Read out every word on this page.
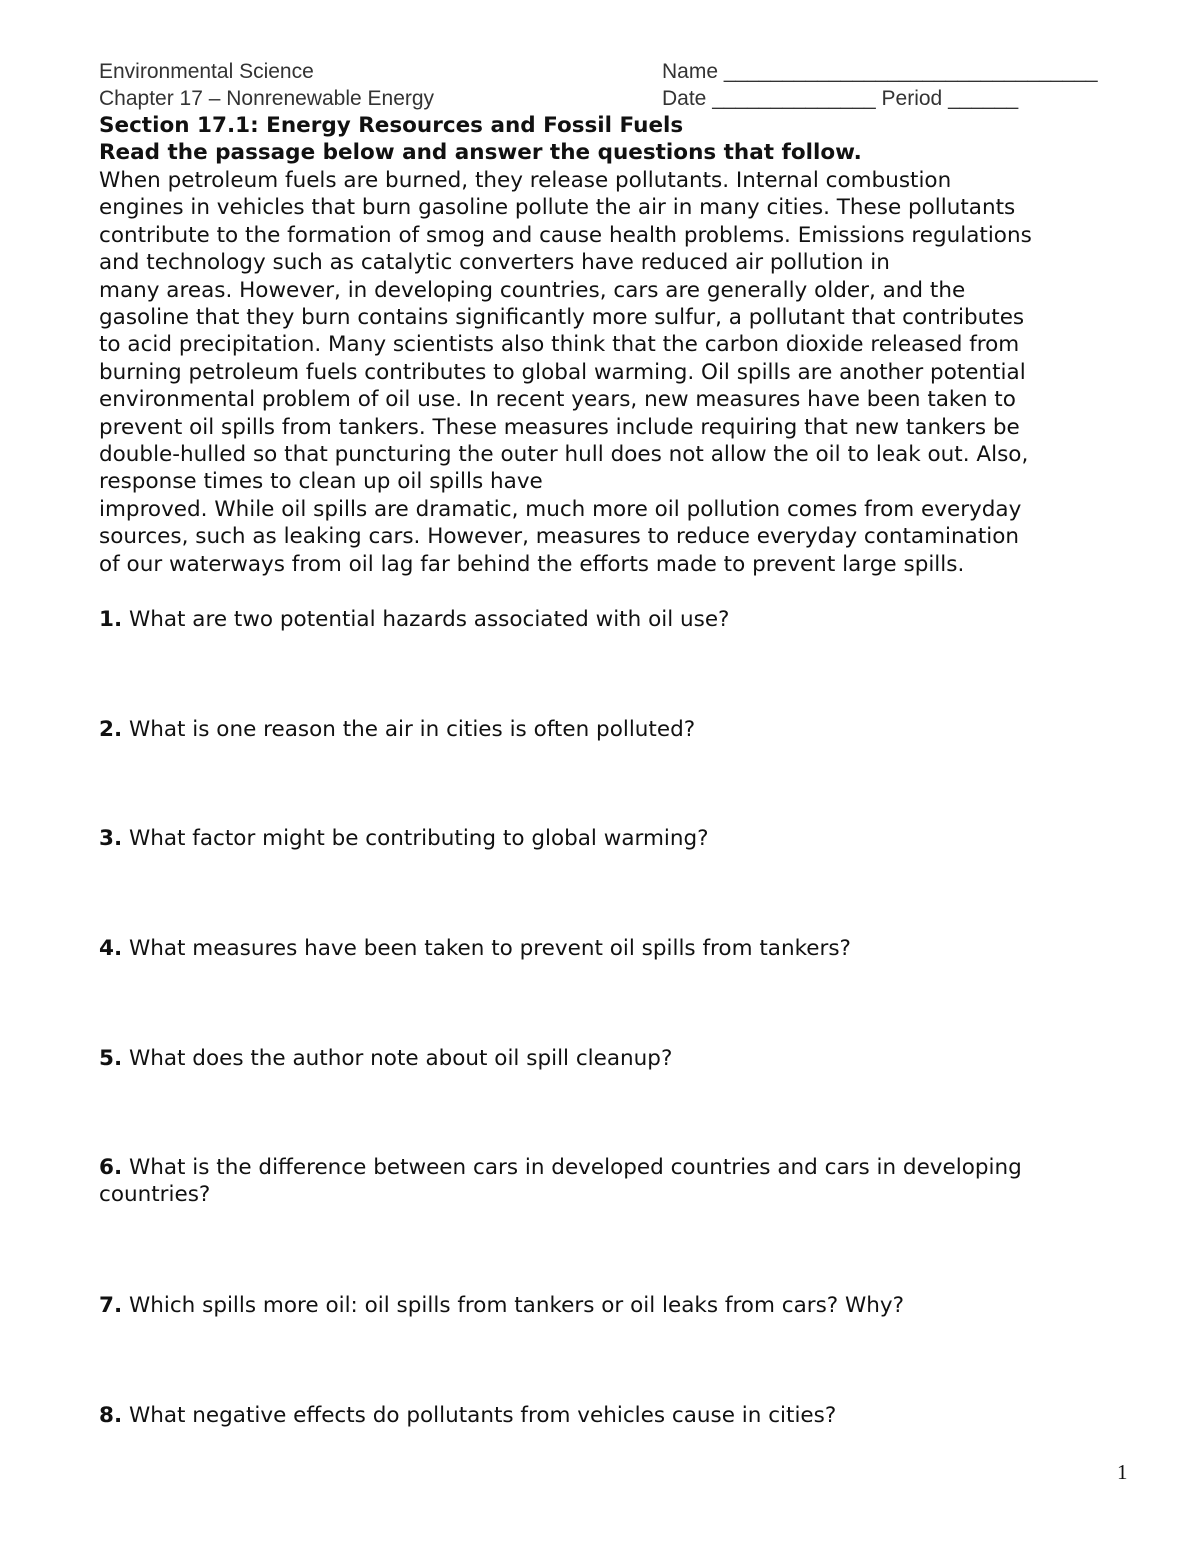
Environmental Science	Name ________________________________
Chapter 17 – Nonrenewable Energy	Date ______________ Period ______
Section 17.1: Energy Resources and Fossil Fuels
Read the passage below and answer the questions that follow.
When petroleum fuels are burned, they release pollutants. Internal combustion
engines in vehicles that burn gasoline pollute the air in many cities. These pollutants
contribute to the formation of smog and cause health problems. Emissions regulations
and technology such as catalytic converters have reduced air pollution in
many areas. However, in developing countries, cars are generally older, and the
gasoline that they burn contains significantly more sulfur, a pollutant that contributes
to acid precipitation. Many scientists also think that the carbon dioxide released from
burning petroleum fuels contributes to global warming. Oil spills are another potential
environmental problem of oil use. In recent years, new measures have been taken to
prevent oil spills from tankers. These measures include requiring that new tankers be
double-hulled so that puncturing the outer hull does not allow the oil to leak out. Also,
response times to clean up oil spills have
improved. While oil spills are dramatic, much more oil pollution comes from everyday
sources, such as leaking cars. However, measures to reduce everyday contamination
of our waterways from oil lag far behind the efforts made to prevent large spills.
1. What are two potential hazards associated with oil use?
2. What is one reason the air in cities is often polluted?
3. What factor might be contributing to global warming?
4. What measures have been taken to prevent oil spills from tankers?
5. What does the author note about oil spill cleanup?
6. What is the difference between cars in developed countries and cars in developing countries?
7. Which spills more oil: oil spills from tankers or oil leaks from cars? Why?
8. What negative effects do pollutants from vehicles cause in cities?
1
